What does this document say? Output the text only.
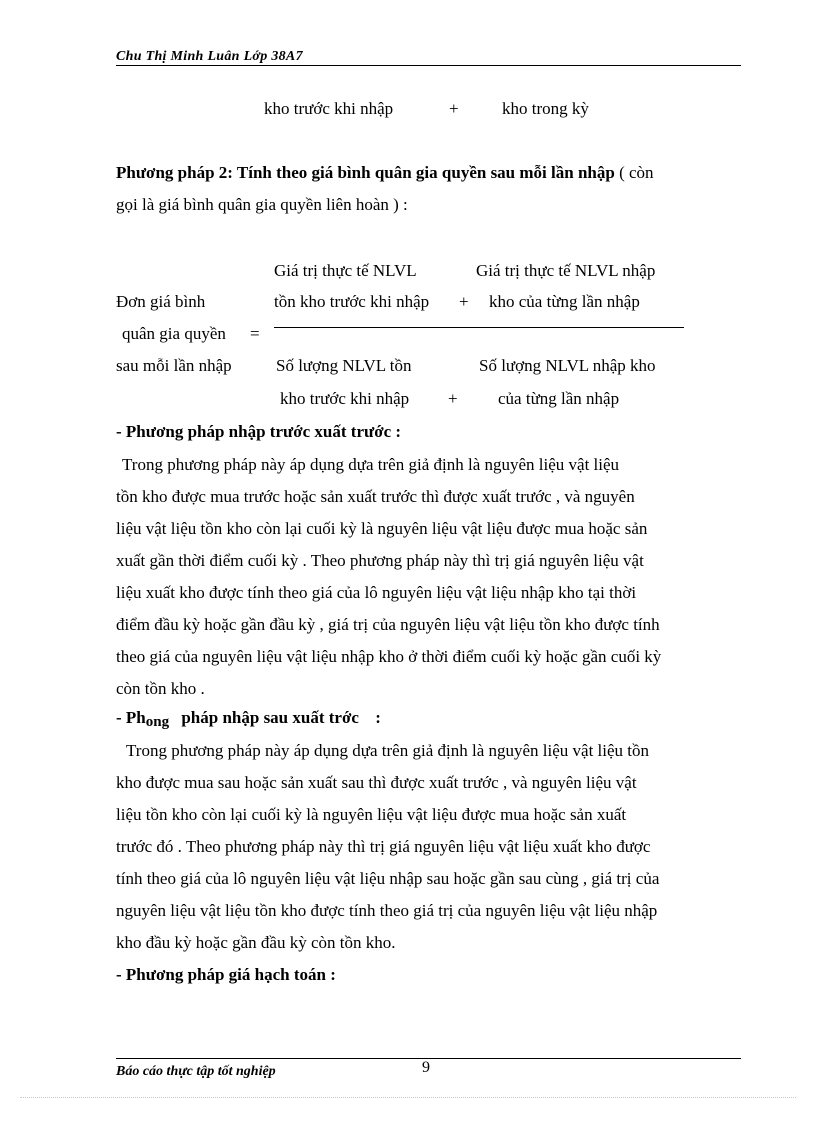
Chu Thị Minh Luân Lớp 38A7
kho trước khi nhập	+	kho trong kỳ
Phương pháp 2: Tính theo giá bình quân gia quyền sau mỗi lần nhập ( còn
gọi là giá bình quân gia quyền liên hoàn ) :
Giá trị thực tế NLVL	Giá trị thực tế NLVL nhập
Đơn giá bình	tồn kho trước khi nhập + kho của từng lần nhập
quân gia quyền =
sau mỗi lần nhập	Số lượng NLVL tồn	Số lượng NLVL nhập kho
kho trước khi nhập + của từng lần nhập
- Phương pháp nhập trước xuất trước :
Trong phương pháp này áp dụng dựa trên giả định là nguyên liệu vật liệu
tồn kho được mua trước hoặc sản xuất trước thì được xuất trước , và nguyên
liệu vật liệu tồn kho còn lại cuối kỳ là nguyên liệu vật liệu được mua hoặc sản
xuất gần thời điểm cuối kỳ . Theo phương pháp này thì trị giá nguyên liệu vật
liệu xuất kho được tính theo giá của lô nguyên liệu vật liệu nhập kho tại thời
điểm đầu kỳ hoặc gần đầu kỳ , giá trị của nguyên liệu vật liệu tồn kho được tính
theo giá của nguyên liệu vật liệu nhập kho ở thời điểm cuối kỳ hoặc gần cuối kỳ
còn tồn kho .
- Phong pháp nhập sau xuất trớc :
Trong phương pháp này áp dụng dựa trên giả định là nguyên liệu vật liệu tồn
kho được mua sau hoặc sản xuất sau thì được xuất trước , và nguyên liệu vật
liệu tồn kho còn lại cuối kỳ là nguyên liệu vật liệu được mua hoặc sản xuất
trước đó . Theo phương pháp này thì trị giá nguyên liệu vật liệu xuất kho được
tính theo giá của lô nguyên liệu vật liệu nhập sau hoặc gần sau cùng , giá trị của
nguyên liệu vật liệu tồn kho được tính theo giá trị của nguyên liệu vật liệu nhập
kho đầu kỳ hoặc gần đầu kỳ còn tồn kho.
- Phương pháp giá hạch toán :
Báo cáo thực tập tốt nghiệp	9
